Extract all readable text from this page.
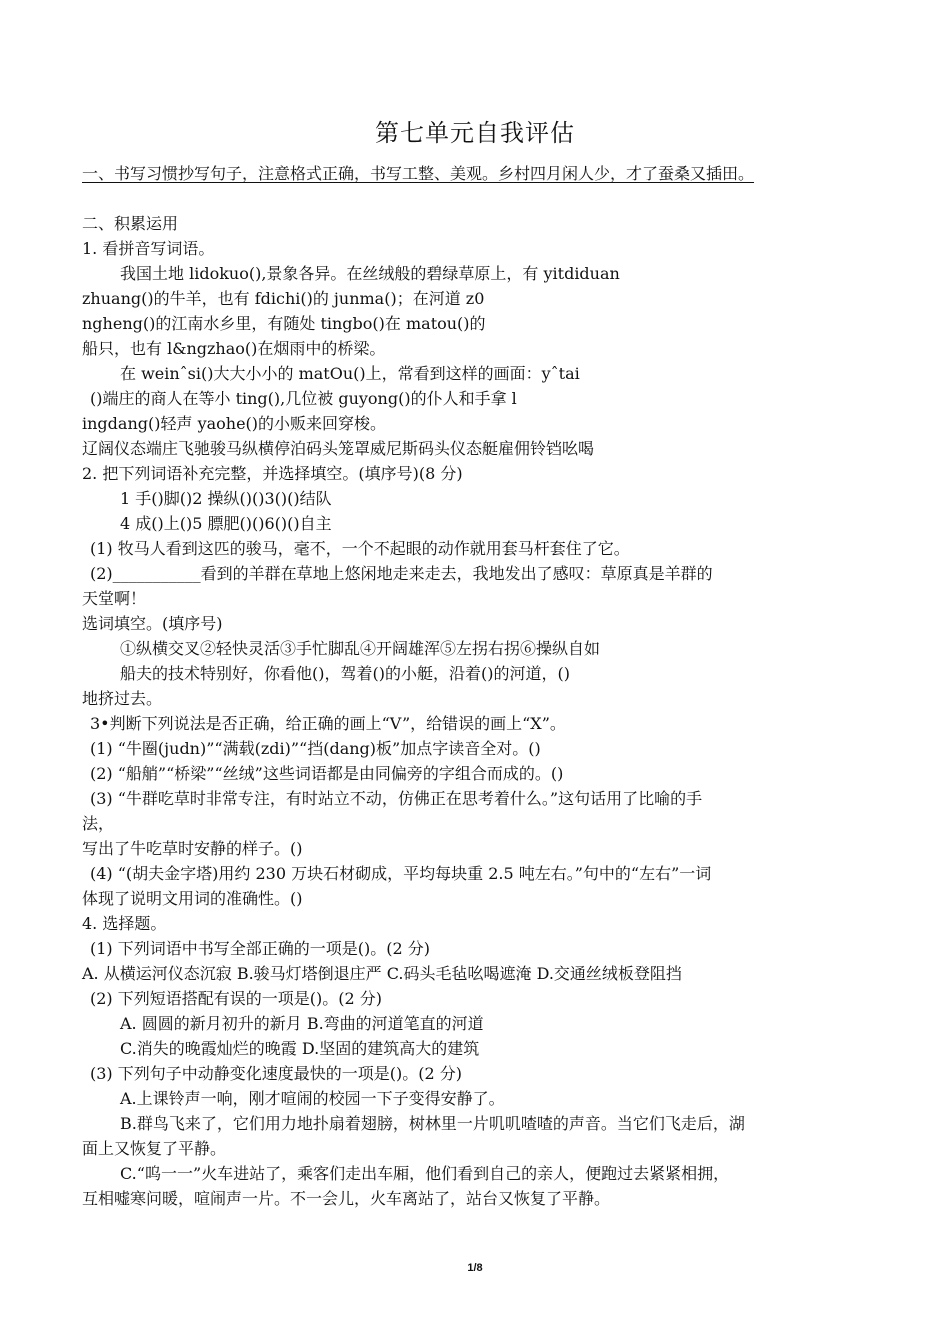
第七单元自我评估
一、书写习惯抄写句子，注意格式正确，书写工整、美观。乡村四月闲人少，才了蚕桑又插田。
二、积累运用
1. 看拼音写词语。
我国土地 lidokuo(),景象各异。在丝绒般的碧绿草原上，有 yitdiduan
zhuang()的牛羊，也有 fdichi()的 junma()；在河道 z0
ngheng()的江南水乡里，有随处 tingbo()在 matou()的
船只，也有 l&ngzhao()在烟雨中的桥梁。
在 weinˆsi()大大小小的 matOu()上，常看到这样的画面：yˆtai
()端庄的商人在等小 ting(),几位被 guyong()的仆人和手拿 l
ingdang()轻声 yaohe()的小贩来回穿梭。
辽阔仪态端庄飞驰骏马纵横停泊码头笼罩威尼斯码头仪态艇雇佣铃铛吆喝
2. 把下列词语补充完整，并选择填空。(填序号)(8 分)
1 手()脚()2 操纵()()3()()结队
4 成()上()5 膘肥()()6()()自主
(1) 牧马人看到这匹的骏马，毫不，一个不起眼的动作就用套马杆套住了它。
(2)___________看到的羊群在草地上悠闲地走来走去，我地发出了感叹：草原真是羊群的
天堂啊！
选词填空。(填序号)
①纵横交叉②轻快灵活③手忙脚乱④开阔雄浑⑤左拐右拐⑥操纵自如
船夫的技术特别好，你看他()，驾着()的小艇，沿着()的河道，()
地挤过去。
3•判断下列说法是否正确，给正确的画上“V”，给错误的画上“X”。
(1) “牛圈(judn)”“满载(zdi)”“挡(dang)板”加点字读音全对。()
(2) “船艄”“桥梁”“丝绒”这些词语都是由同偏旁的字组合而成的。()
(3) “牛群吃草时非常专注，有时站立不动，仿佛正在思考着什么。”这句话用了比喻的手
法，
写出了牛吃草时安静的样子。()
(4) “(胡夫金字塔)用约 230 万块石材砌成，平均每块重 2.5 吨左右。”句中的“左右”一词
体现了说明文用词的准确性。()
4. 选择题。
(1) 下列词语中书写全部正确的一项是()。(2 分)
A. 从横运河仪态沉寂 B.骏马灯塔倒退庄严 C.码头毛毡吆喝遮淹 D.交通丝绒板登阻挡
(2) 下列短语搭配有误的一项是()。(2 分)
A. 圆圆的新月初升的新月 B.弯曲的河道笔直的河道
C.消失的晚霞灿烂的晚霞 D.坚固的建筑高大的建筑
(3) 下列句子中动静变化速度最快的一项是()。(2 分)
A.上课铃声一响，刚才喧闹的校园一下子变得安静了。
B.群鸟飞来了，它们用力地扑扇着翅膀，树林里一片叽叽喳喳的声音。当它们飞走后，湖
面上又恢复了平静。
C.“呜一一”火车进站了，乘客们走出车厢，他们看到自己的亲人，便跑过去紧紧相拥，
互相嘘寒问暖，喧闹声一片。不一会儿，火车离站了，站台又恢复了平静。
1/8
